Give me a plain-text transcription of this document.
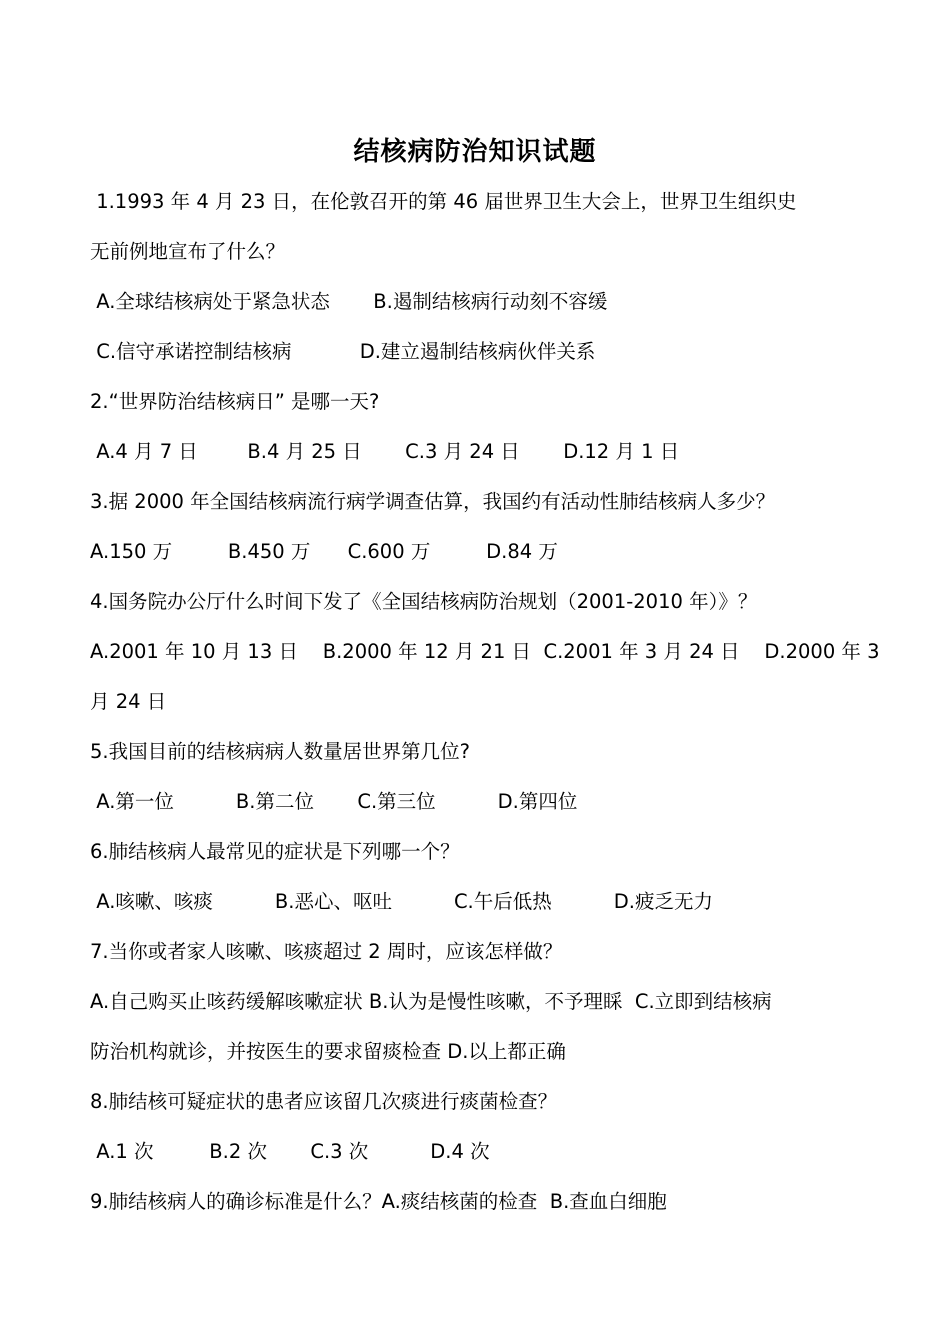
结核病防治知识试题
1.1993 年 4 月 23 日，在伦敦召开的第 46 届世界卫生大会上，世界卫生组织史
无前例地宣布了什么？
A.全球结核病处于紧急状态       B.遏制结核病行动刻不容缓
C.信守承诺控制结核病           D.建立遏制结核病伙伴关系
2.“世界防治结核病日” 是哪一天?
A.4 月 7 日        B.4 月 25 日       C.3 月 24 日       D.12 月 1 日
3.据 2000 年全国结核病流行病学调查估算，我国约有活动性肺结核病人多少？
A.150 万         B.450 万      C.600 万         D.84 万
4.国务院办公厅什么时间下发了《全国结核病防治规划（2001-2010 年）》？
A.2001 年 10 月 13 日    B.2000 年 12 月 21 日  C.2001 年 3 月 24 日    D.2000 年 3
月 24 日
5.我国目前的结核病病人数量居世界第几位?
A.第一位          B.第二位       C.第三位          D.第四位
6.肺结核病人最常见的症状是下列哪一个？
A.咳嗽、咳痰          B.恶心、呕吐          C.午后低热          D.疲乏无力
7.当你或者家人咳嗽、咳痰超过 2 周时，应该怎样做？
A.自己购买止咳药缓解咳嗽症状 B.认为是慢性咳嗽，不予理睬  C.立即到结核病
防治机构就诊，并按医生的要求留痰检查 D.以上都正确
8.肺结核可疑症状的患者应该留几次痰进行痰菌检查？
A.1 次         B.2 次       C.3 次          D.4 次
9.肺结核病人的确诊标准是什么？A.痰结核菌的检查  B.查血白细胞
